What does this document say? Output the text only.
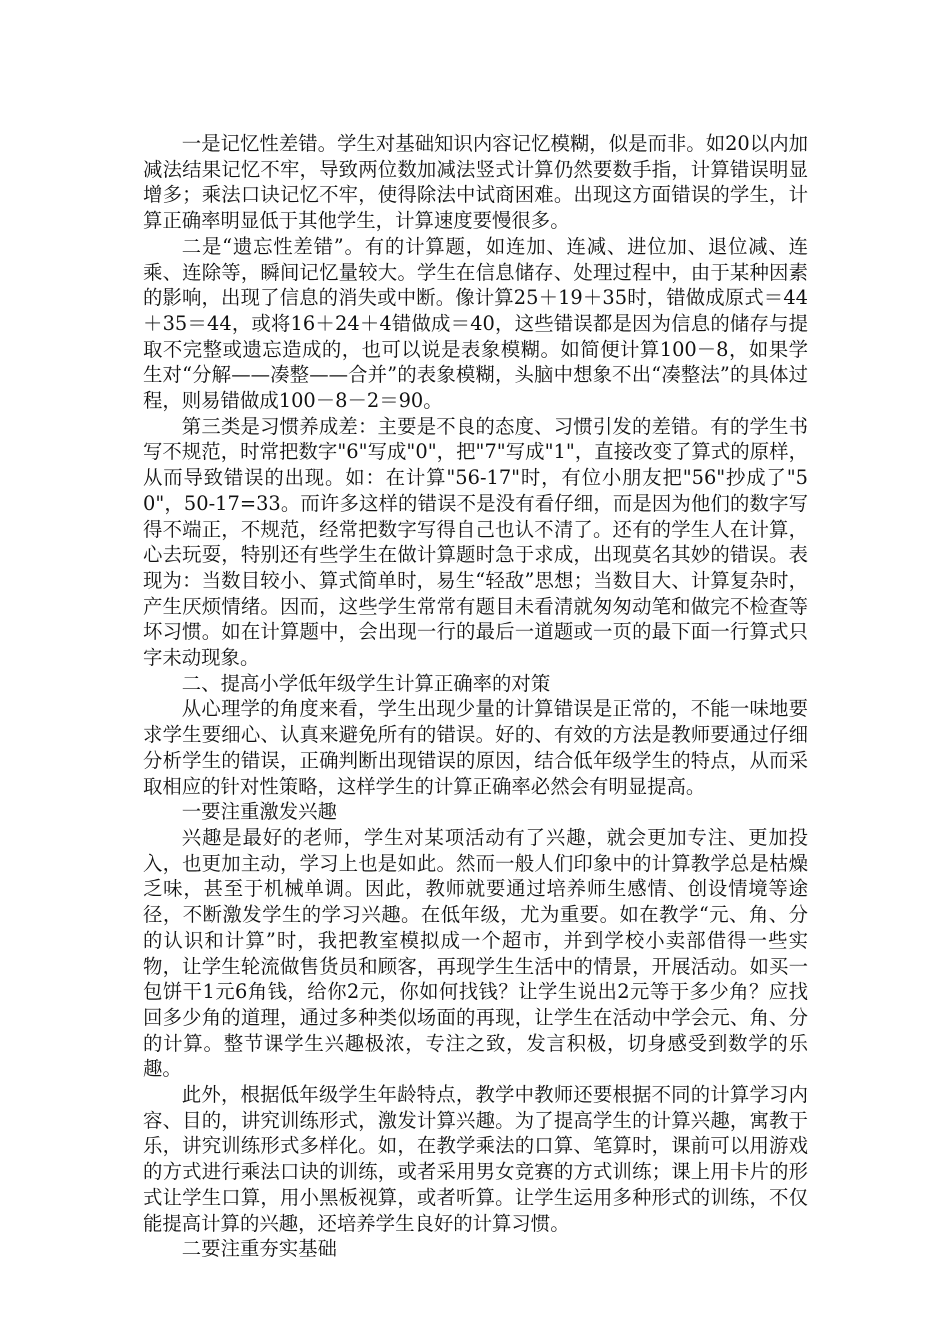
一是记忆性差错。学生对基础知识内容记忆模糊，似是而非。如20以内加减法结果记忆不牢，导致两位数加减法竖式计算仍然要数手指，计算错误明显增多；乘法口诀记忆不牢，使得除法中试商困难。出现这方面错误的学生，计算正确率明显低于其他学生，计算速度要慢很多。

二是“遗忘性差错”。有的计算题，如连加、连减、进位加、退位减、连乘、连除等，瞬间记忆量较大。学生在信息储存、处理过程中，由于某种因素的影响，出现了信息的消失或中断。像计算25＋19＋35时，错做成原式＝44＋35＝44，或将16＋24＋4错做成＝40，这些错误都是因为信息的储存与提取不完整或遗忘造成的，也可以说是表象模糊。如简便计算100－8，如果学生对“分解——凑整——合并”的表象模糊，头脑中想象不出“凑整法”的具体过程，则易错做成100－8－2＝90。

第三类是习惯养成差：主要是不良的态度、习惯引发的差错。有的学生书写不规范，时常把数字"6"写成"0"，把"7"写成"1"，直接改变了算式的原样，从而导致错误的出现。如：在计算"56-17"时，有位小朋友把"56"抄成了"50"，50-17=33。而许多这样的错误不是没有看仔细，而是因为他们的数字写得不端正，不规范，经常把数字写得自己也认不清了。还有的学生人在计算，心去玩耍，特别还有些学生在做计算题时急于求成，出现莫名其妙的错误。表现为：当数目较小、算式简单时，易生“轻敌”思想；当数目大、计算复杂时，产生厌烦情绪。因而，这些学生常常有题目未看清就匆匆动笔和做完不检查等坏习惯。如在计算题中，会出现一行的最后一道题或一页的最下面一行算式只字未动现象。

二、提高小学低年级学生计算正确率的对策

从心理学的角度来看，学生出现少量的计算错误是正常的，不能一味地要求学生要细心、认真来避免所有的错误。好的、有效的方法是教师要通过仔细分析学生的错误，正确判断出现错误的原因，结合低年级学生的特点，从而采取相应的针对性策略，这样学生的计算正确率必然会有明显提高。

一要注重激发兴趣

兴趣是最好的老师，学生对某项活动有了兴趣，就会更加专注、更加投入，也更加主动，学习上也是如此。然而一般人们印象中的计算教学总是枯燥乏味，甚至于机械单调。因此，教师就要通过培养师生感情、创设情境等途径，不断激发学生的学习兴趣。在低年级，尤为重要。如在教学“元、角、分的认识和计算”时，我把教室模拟成一个超市，并到学校小卖部借得一些实物，让学生轮流做售货员和顾客，再现学生生活中的情景，开展活动。如买一包饼干1元6角钱，给你2元，你如何找钱？让学生说出2元等于多少角？应找回多少角的道理，通过多种类似场面的再现，让学生在活动中学会元、角、分的计算。整节课学生兴趣极浓，专注之致，发言积极，切身感受到数学的乐趣。

此外，根据低年级学生年龄特点，教学中教师还要根据不同的计算学习内容、目的，讲究训练形式，激发计算兴趣。为了提高学生的计算兴趣，寓教于乐，讲究训练形式多样化。如，在教学乘法的口算、笔算时，课前可以用游戏的方式进行乘法口诀的训练，或者采用男女竞赛的方式训练；课上用卡片的形式让学生口算，用小黑板视算，或者听算。让学生运用多种形式的训练，不仅能提高计算的兴趣，还培养学生良好的计算习惯。

二要注重夯实基础
